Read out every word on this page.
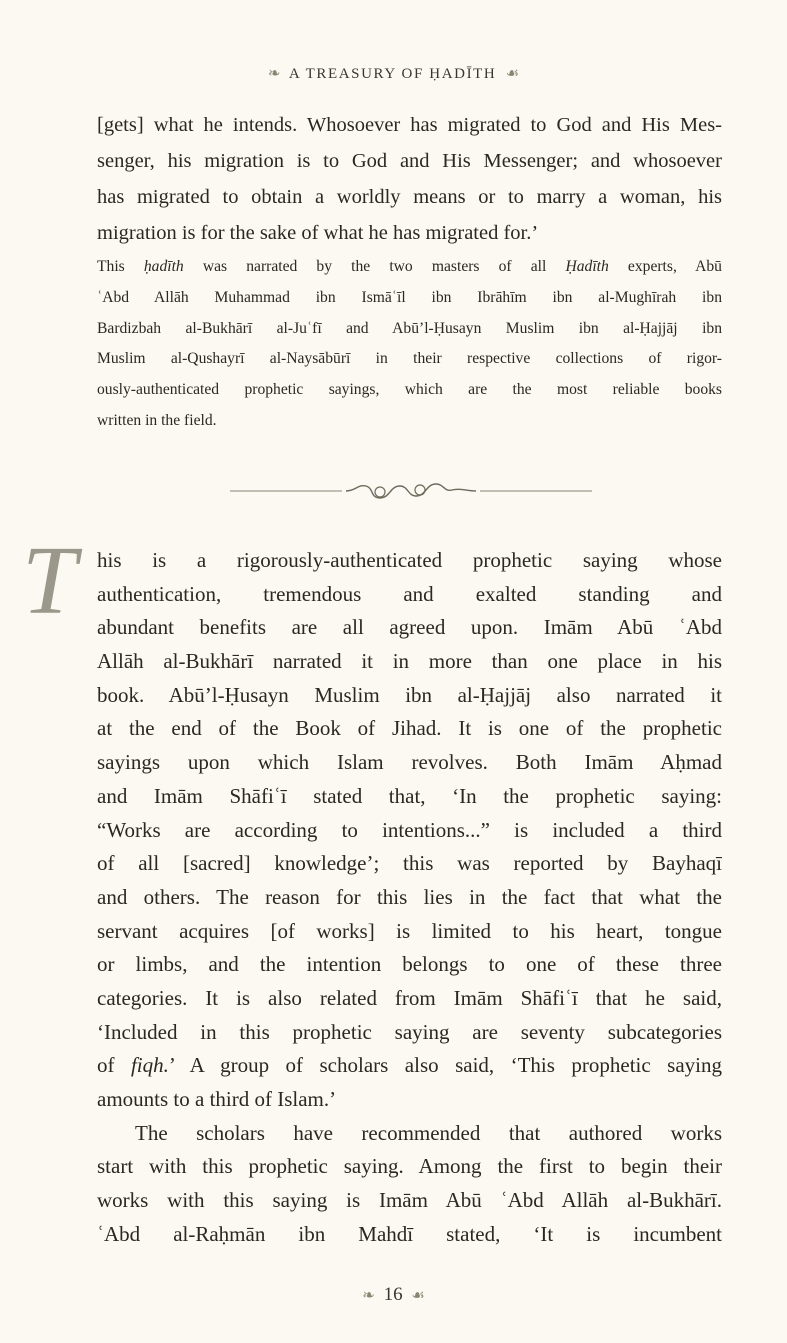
❧ A TREASURY OF ḤADĪTH ☙
[gets] what he intends. Whosoever has migrated to God and His Mes-
senger, his migration is to God and His Messenger; and whosoever
has migrated to obtain a worldly means or to marry a woman, his
migration is for the sake of what he has migrated for.’
This ḥadīth was narrated by the two masters of all Ḥadīth experts, Abū
ʿAbd Allāh Muhammad ibn Ismāʿīl ibn Ibrāhīm ibn al-Mughīrah ibn
Bardizbah al-Bukhārī al-Juʿfī and Abū’l-Ḥusayn Muslim ibn al-Ḥajjāj ibn
Muslim al-Qushayrī al-Naysābūrī in their respective collections of rigor-
ously-authenticated prophetic sayings, which are the most reliable books
written in the field.
T his is a rigorously-authenticated prophetic saying whose
authentication, tremendous and exalted standing and
abundant benefits are all agreed upon. Imām Abū ʿAbd
Allāh al-Bukhārī narrated it in more than one place in his
book. Abū’l-Ḥusayn Muslim ibn al-Ḥajjāj also narrated it
at the end of the Book of Jihad. It is one of the prophetic
sayings upon which Islam revolves. Both Imām Aḥmad
and Imām Shāfiʿī stated that, ‘In the prophetic saying:
“Works are according to intentions...” is included a third
of all [sacred] knowledge’; this was reported by Bayhaqī
and others. The reason for this lies in the fact that what the
servant acquires [of works] is limited to his heart, tongue
or limbs, and the intention belongs to one of these three
categories. It is also related from Imām Shāfiʿī that he said,
‘Included in this prophetic saying are seventy subcategories
of fiqh.’ A group of scholars also said, ‘This prophetic saying
amounts to a third of Islam.’
The scholars have recommended that authored works
start with this prophetic saying. Among the first to begin their
works with this saying is Imām Abū ʿAbd Allāh al-Bukhārī.
ʿAbd al-Raḥmān ibn Mahdī stated, ‘It is incumbent
❧ 16 ☙
